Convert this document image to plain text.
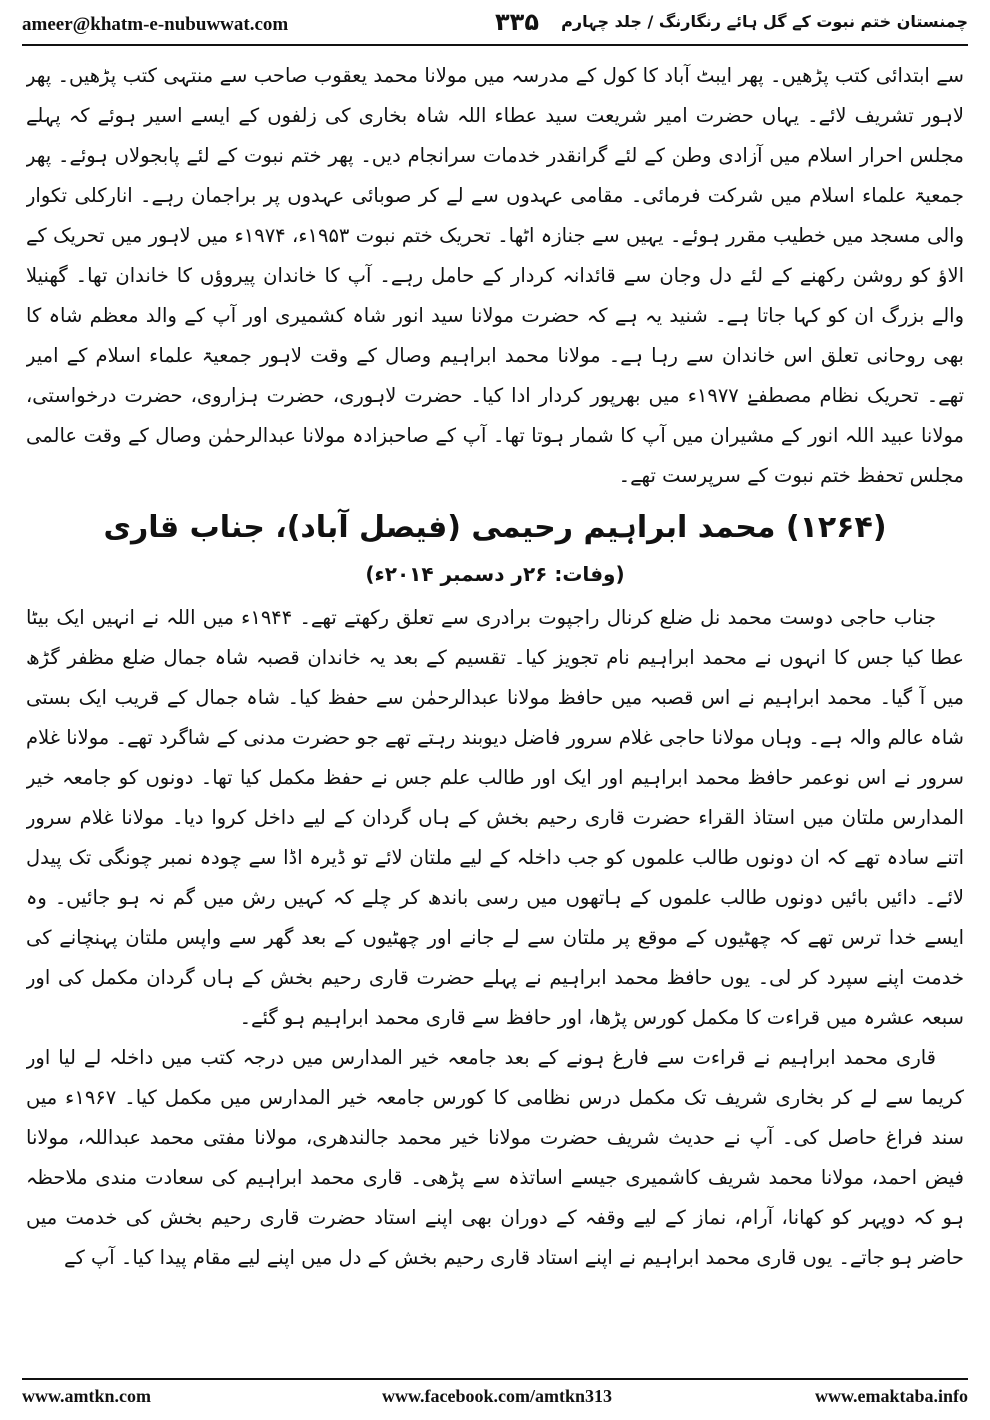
ameer@khatm-e-nubuwwat.com	۳۳۵	چمنستان ختم نبوت کے گل ہائے رنگارنگ / جلد چہارم

سے ابتدائی کتب پڑھیں۔ پھر ایبٹ آباد کا کول کے مدرسہ میں مولانا محمد یعقوب صاحب سے منتہی کتب پڑھیں۔ پھر لاہور تشریف لائے۔ یہاں حضرت امیر شریعت سید عطاء اللہ شاہ بخاری کی زلفوں کے ایسے اسیر ہوئے کہ پہلے مجلس احرار اسلام میں آزادی وطن کے لئے گرانقدر خدمات سرانجام دیں۔ پھر ختم نبوت کے لئے پابجولاں ہوئے۔ پھر جمعیۃ علماء اسلام میں شرکت فرمائی۔ مقامی عہدوں سے لے کر صوبائی عہدوں پر براجمان رہے۔ انارکلی تکوار والی مسجد میں خطیب مقرر ہوئے۔ یہیں سے جنازہ اٹھا۔ تحریک ختم نبوت ۱۹۵۳ء، ۱۹۷۴ء میں لاہور میں تحریک کے الاؤ کو روشن رکھنے کے لئے دل وجان سے قائدانہ کردار کے حامل رہے۔ آپ کا خاندان پیروؤں کا خاندان تھا۔ گھنیلا والے بزرگ ان کو کہا جاتا ہے۔ شنید یہ ہے کہ حضرت مولانا سید انور شاہ کشمیری اور آپ کے والد معظم شاہ کا بھی روحانی تعلق اس خاندان سے رہا ہے۔ مولانا محمد ابراہیم وصال کے وقت لاہور جمعیۃ علماء اسلام کے امیر تھے۔ تحریک نظام مصطفےٰ ۱۹۷۷ء میں بھرپور کردار ادا کیا۔ حضرت لاہوری، حضرت ہزاروی، حضرت درخواستی، مولانا عبید اللہ انور کے مشیران میں آپ کا شمار ہوتا تھا۔ آپ کے صاحبزادہ مولانا عبدالرحمٰن وصال کے وقت عالمی مجلس تحفظ ختم نبوت کے سرپرست تھے۔

(۱۲۶۴) محمد ابراہیم رحیمی (فیصل آباد)، جناب قاری
(وفات: ۲۶ر دسمبر ۲۰۱۴ء)

جناب حاجی دوست محمد نل ضلع کرنال راجپوت برادری سے تعلق رکھتے تھے۔ ۱۹۴۴ء میں اللہ نے انہیں ایک بیٹا عطا کیا جس کا انہوں نے محمد ابراہیم نام تجویز کیا۔ تقسیم کے بعد یہ خاندان قصبہ شاہ جمال ضلع مظفر گڑھ میں آ گیا۔ محمد ابراہیم نے اس قصبہ میں حافظ مولانا عبدالرحمٰن سے حفظ کیا۔ شاہ جمال کے قریب ایک بستی شاہ عالم والہ ہے۔ وہاں مولانا حاجی غلام سرور فاضل دیوبند رہتے تھے جو حضرت مدنی کے شاگرد تھے۔ مولانا غلام سرور نے اس نوعمر حافظ محمد ابراہیم اور ایک اور طالب علم جس نے حفظ مکمل کیا تھا۔ دونوں کو جامعہ خیر المدارس ملتان میں استاذ القراء حضرت قاری رحیم بخش کے ہاں گردان کے لیے داخل کروا دیا۔ مولانا غلام سرور اتنے سادہ تھے کہ ان دونوں طالب علموں کو جب داخلہ کے لیے ملتان لائے تو ڈیرہ اڈا سے چودہ نمبر چونگی تک پیدل لائے۔ دائیں بائیں دونوں طالب علموں کے ہاتھوں میں رسی باندھ کر چلے کہ کہیں رش میں گم نہ ہو جائیں۔ وہ ایسے خدا ترس تھے کہ چھٹیوں کے موقع پر ملتان سے لے جانے اور چھٹیوں کے بعد گھر سے واپس ملتان پہنچانے کی خدمت اپنے سپرد کر لی۔ یوں حافظ محمد ابراہیم نے پہلے حضرت قاری رحیم بخش کے ہاں گردان مکمل کی اور سبعہ عشرہ میں قراءت کا مکمل کورس پڑھا، اور حافظ سے قاری محمد ابراہیم ہو گئے۔

قاری محمد ابراہیم نے قراءت سے فارغ ہونے کے بعد جامعہ خیر المدارس میں درجہ کتب میں داخلہ لے لیا اور کریما سے لے کر بخاری شریف تک مکمل درس نظامی کا کورس جامعہ خیر المدارس میں مکمل کیا۔ ۱۹۶۷ء میں سند فراغ حاصل کی۔ آپ نے حدیث شریف حضرت مولانا خیر محمد جالندھری، مولانا مفتی محمد عبداللہ، مولانا فیض احمد، مولانا محمد شریف کاشمیری جیسے اساتذہ سے پڑھی۔ قاری محمد ابراہیم کی سعادت مندی ملاحظہ ہو کہ دوپہر کو کھانا، آرام، نماز کے لیے وقفہ کے دوران بھی اپنے استاد حضرت قاری رحیم بخش کی خدمت میں حاضر ہو جاتے۔ یوں قاری محمد ابراہیم نے اپنے استاد قاری رحیم بخش کے دل میں اپنے لیے مقام پیدا کیا۔ آپ کے

www.amtkn.com	www.facebook.com/amtkn313	www.emaktaba.info
